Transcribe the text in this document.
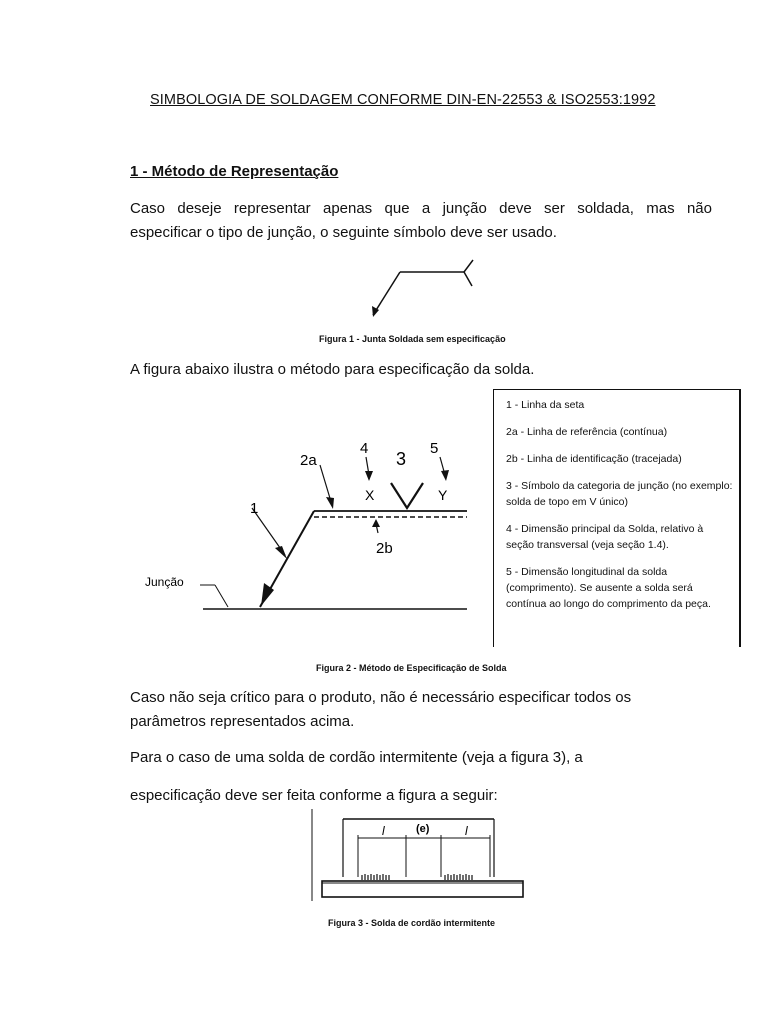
SIMBOLOGIA DE SOLDAGEM CONFORME DIN-EN-22553 & ISO2553:1992
1 - Método de Representação
Caso deseje representar apenas que a junção deve ser soldada, mas não
especificar o tipo de junção, o seguinte símbolo deve ser usado.
Figura 1 - Junta Soldada sem especificação
A figura abaixo ilustra o método para especificação da solda.
1
2a
4
3
5
X	Y
2b
Junção

1 - Linha da seta

2a - Linha de referência (contínua)

2b - Linha de identificação (tracejada)

3 - Símbolo da categoria de junção (no exemplo: solda de topo em V único)

4 - Dimensão principal da Solda, relativo à seção transversal (veja seção 1.4).

5 - Dimensão longitudinal da solda (comprimento). Se ausente a solda será contínua ao longo do comprimento da peça.

Figura 2 - Método de Especificação de Solda
Caso não seja crítico para o produto, não é necessário especificar todos os
parâmetros representados acima.
Para o caso de uma solda de cordão intermitente (veja a figura 3), a
especificação deve ser feita conforme a figura a seguir:
l	(e)	l
Figura 3 - Solda de cordão intermitente
